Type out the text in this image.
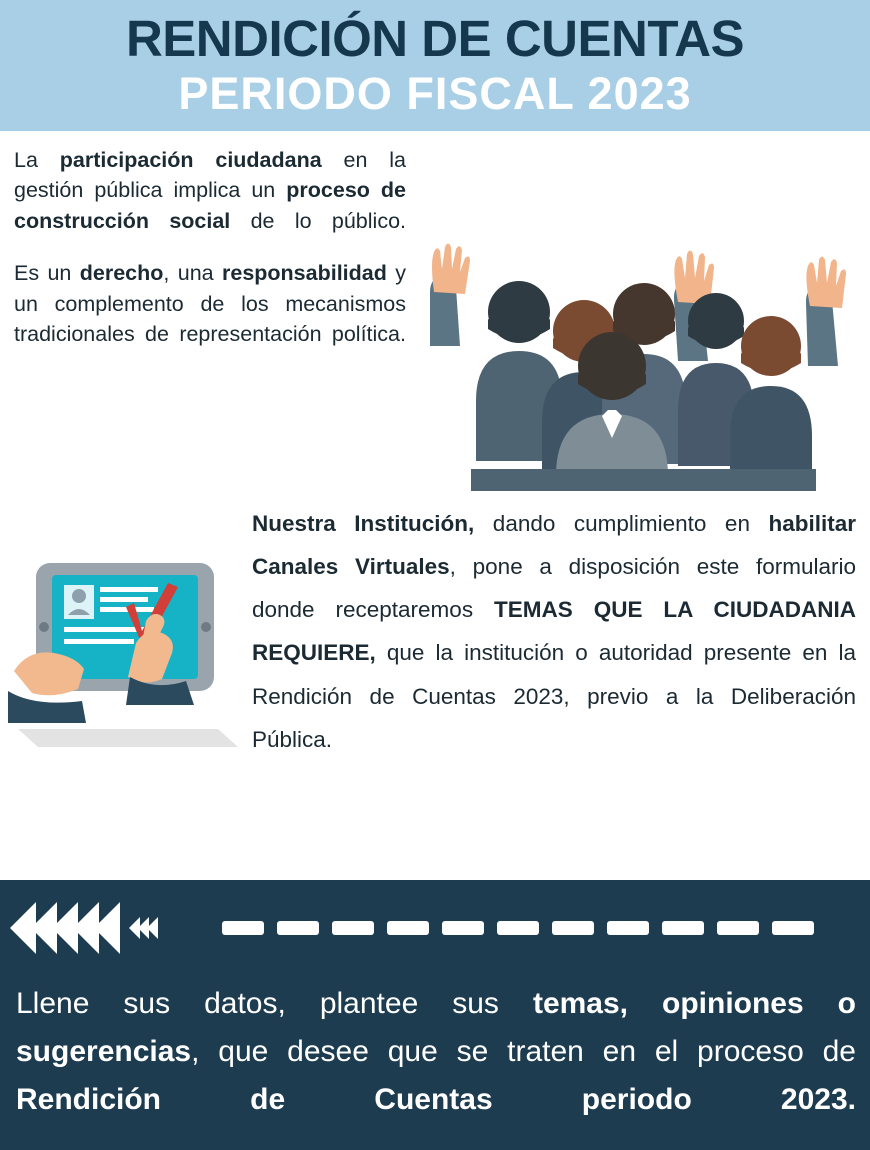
RENDICIÓN DE CUENTAS
PERIODO FISCAL 2023

La participación ciudadana en la gestión pública implica un proceso de construcción social de lo público.

Es un derecho, una responsabilidad y un complemento de los mecanismos tradicionales de representación política.

Nuestra Institución, dando cumplimiento en habilitar Canales Virtuales, pone a disposición este formulario donde receptaremos TEMAS QUE LA CIUDADANIA REQUIERE, que la institución o autoridad presente en la Rendición de Cuentas 2023, previo a la Deliberación Pública.
Llene sus datos, plantee sus temas, opiniones o sugerencias, que desee que se traten en el proceso de Rendición de Cuentas periodo 2023.
